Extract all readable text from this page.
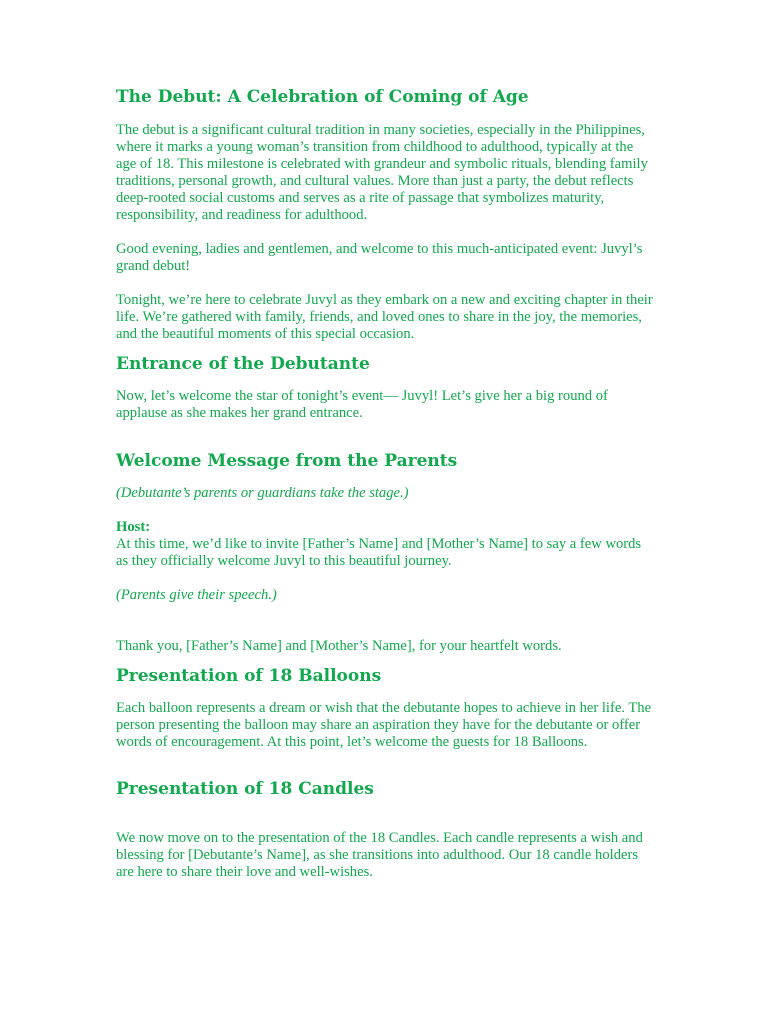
The Debut: A Celebration of Coming of Age

The debut is a significant cultural tradition in many societies, especially in the Philippines, where it marks a young woman’s transition from childhood to adulthood, typically at the age of 18. This milestone is celebrated with grandeur and symbolic rituals, blending family traditions, personal growth, and cultural values. More than just a party, the debut reflects deep-rooted social customs and serves as a rite of passage that symbolizes maturity, responsibility, and readiness for adulthood.

Good evening, ladies and gentlemen, and welcome to this much-anticipated event: Juvyl’s grand debut!

Tonight, we’re here to celebrate Juvyl as they embark on a new and exciting chapter in their life. We’re gathered with family, friends, and loved ones to share in the joy, the memories, and the beautiful moments of this special occasion.

Entrance of the Debutante

Now, let’s welcome the star of tonight’s event— Juvyl! Let’s give her a big round of applause as she makes her grand entrance.

Welcome Message from the Parents

(Debutante’s parents or guardians take the stage.)

Host:
At this time, we’d like to invite [Father’s Name] and [Mother’s Name] to say a few words as they officially welcome Juvyl to this beautiful journey.

(Parents give their speech.)

Thank you, [Father’s Name] and [Mother’s Name], for your heartfelt words.

Presentation of 18 Balloons

Each balloon represents a dream or wish that the debutante hopes to achieve in her life. The person presenting the balloon may share an aspiration they have for the debutante or offer words of encouragement. At this point, let’s welcome the guests for 18 Balloons.

Presentation of 18 Candles

We now move on to the presentation of the 18 Candles. Each candle represents a wish and blessing for [Debutante’s Name], as she transitions into adulthood. Our 18 candle holders are here to share their love and well-wishes.
